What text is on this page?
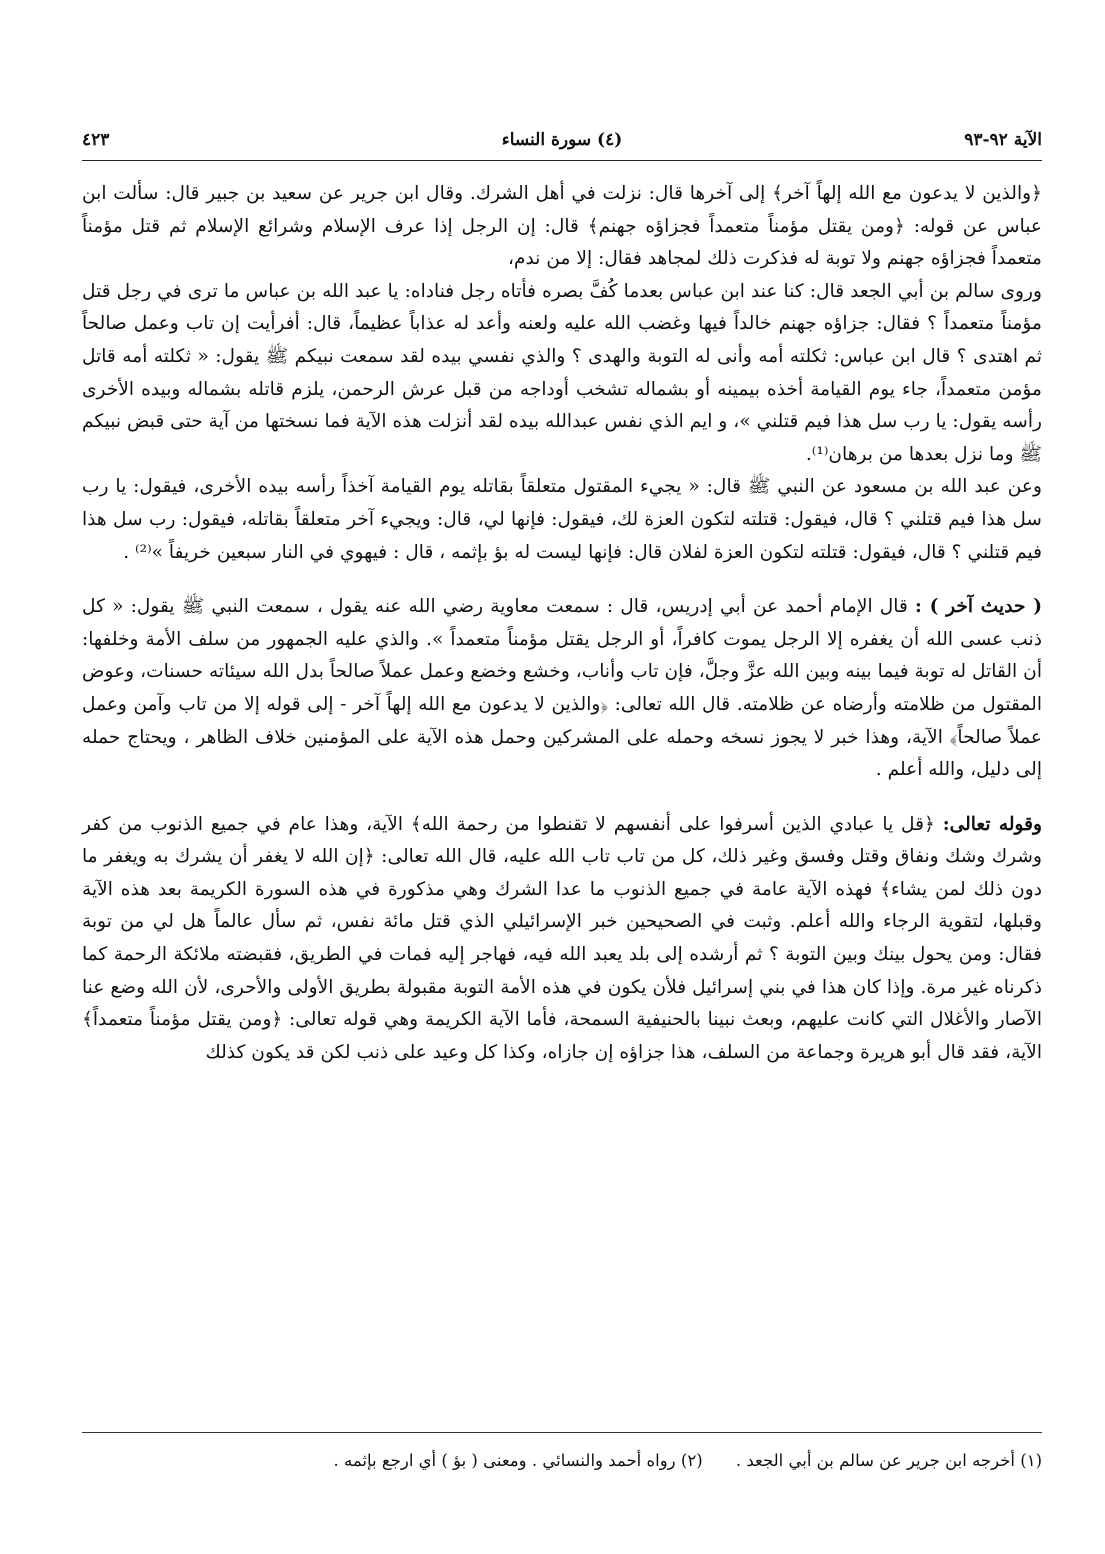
الآية ٩٢-٩٣
(٤) سورة النساء
٤٢٣

﴿والذين لا يدعون مع الله إلهاً آخر﴾ إلى آخرها قال: نزلت في أهل الشرك. وقال ابن جرير عن سعيد بن جبير قال: سألت ابن عباس عن قوله: ﴿ومن يقتل مؤمناً متعمداً فجزاؤه جهنم﴾ قال: إن الرجل إذا عرف الإسلام وشرائع الإسلام ثم قتل مؤمناً متعمداً فجزاؤه جهنم ولا توبة له فذكرت ذلك لمجاهد فقال: إلا من ندم،

وروى سالم بن أبي الجعد قال: كنا عند ابن عباس بعدما كُفَّ بصره فأتاه رجل فناداه: يا عبد الله بن عباس ما ترى في رجل قتل مؤمناً متعمداً ؟ فقال: جزاؤه جهنم خالداً فيها وغضب الله عليه ولعنه وأعد له عذاباً عظيماً، قال: أفرأيت إن تاب وعمل صالحاً ثم اهتدى ؟ قال ابن عباس: ثكلته أمه وأنى له التوبة والهدى ؟ والذي نفسي بيده لقد سمعت نبيكم ﷺ يقول: « ثكلته أمه قاتل مؤمن متعمداً، جاء يوم القيامة أخذه بيمينه أو بشماله تشخب أوداجه من قبل عرش الرحمن، يلزم قاتله بشماله وبيده الأخرى رأسه يقول: يا رب سل هذا فيم قتلني »، و ايم الذي نفس عبدالله بيده لقد أنزلت هذه الآية فما نسختها من آية حتى قبض نبيكم ﷺ وما نزل بعدها من برهان⁽¹⁾.

وعن عبد الله بن مسعود عن النبي ﷺ قال: « يجيء المقتول متعلقاً بقاتله يوم القيامة آخذاً رأسه بيده الأخرى، فيقول: يا رب سل هذا فيم قتلني ؟ قال، فيقول: قتلته لتكون العزة لك، فيقول: فإنها لي، قال: ويجيء آخر متعلقاً بقاتله، فيقول: رب سل هذا فيم قتلني ؟ قال، فيقول: قتلته لتكون العزة لفلان قال: فإنها ليست له بؤ بإثمه ، قال : فيهوي في النار سبعين خريفاً »⁽²⁾ .

( حديث آخر ) : قال الإمام أحمد عن أبي إدريس، قال : سمعت معاوية رضي الله عنه يقول ، سمعت النبي ﷺ يقول: « كل ذنب عسى الله أن يغفره إلا الرجل يموت كافراً، أو الرجل يقتل مؤمناً متعمداً ». والذي عليه الجمهور من سلف الأمة وخلفها: أن القاتل له توبة فيما بينه وبين الله عزَّ وجلَّ، فإن تاب وأناب، وخشع وخضع وعمل عملاً صالحاً بدل الله سيئاته حسنات، وعوض المقتول من ظلامته وأرضاه عن ظلامته. قال الله تعالى: ﴿والذين لا يدعون مع الله إلهاً آخر - إلى قوله إلا من تاب وآمن وعمل عملاً صالحاً﴾ الآية، وهذا خبر لا يجوز نسخه وحمله على المشركين وحمل هذه الآية على المؤمنين خلاف الظاهر ، ويحتاج حمله إلى دليل، والله أعلم .

وقوله تعالى: ﴿قل يا عبادي الذين أسرفوا على أنفسهم لا تقنطوا من رحمة الله﴾ الآية، وهذا عام في جميع الذنوب من كفر وشرك وشك ونفاق وقتل وفسق وغير ذلك، كل من تاب تاب الله عليه، قال الله تعالى: ﴿إن الله لا يغفر أن يشرك به ويغفر ما دون ذلك لمن يشاء﴾ فهذه الآية عامة في جميع الذنوب ما عدا الشرك وهي مذكورة في هذه السورة الكريمة بعد هذه الآية وقبلها، لتقوية الرجاء والله أعلم. وثبت في الصحيحين خبر الإسرائيلي الذي قتل مائة نفس، ثم سأل عالماً هل لي من توبة فقال: ومن يحول بينك وبين التوبة ؟ ثم أرشده إلى بلد يعبد الله فيه، فهاجر إليه فمات في الطريق، فقبضته ملائكة الرحمة كما ذكرناه غير مرة. وإذا كان هذا في بني إسرائيل فلأن يكون في هذه الأمة التوبة مقبولة بطريق الأولى والأحرى، لأن الله وضع عنا الآصار والأغلال التي كانت عليهم، وبعث نبينا بالحنيفية السمحة، فأما الآية الكريمة وهي قوله تعالى: ﴿ومن يقتل مؤمناً متعمداً﴾ الآية، فقد قال أبو هريرة وجماعة من السلف، هذا جزاؤه إن جازاه، وكذا كل وعيد على ذنب لكن قد يكون كذلك

(١) أخرجه ابن جرير عن سالم بن أبي الجعد . (٢) رواه أحمد والنسائي . ومعنى ( بؤ ) أي ارجع بإثمه .
